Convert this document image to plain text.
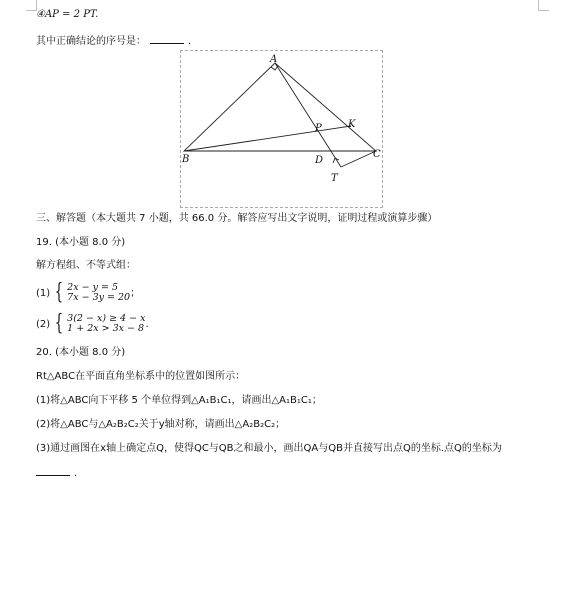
④AP = 2 PT.
其中正确结论的序号是：	.
A
B	C
D
P	K
T
三、解答题（本大题共 7 小题，共 66.0 分。解答应写出文字说明，证明过程或演算步骤）
19. (本小题 8.0 分)
解方程组、不等式组：
(1) { 2x − y = 5
7x − 3y = 20 ；
(2) { 3(2 − x) ≥ 4 − x
1 + 2x > 3x − 8 .
20. (本小题 8.0 分)
Rt△ABC在平面直角坐标系中的位置如图所示：
(1)将△ABC向下平移 5 个单位得到△A₁B₁C₁，请画出△A₁B₁C₁；
(2)将△ABC与△A₂B₂C₂关于y轴对称，请画出△A₂B₂C₂；
(3)通过画图在x轴上确定点Q，使得QC与QB之和最小，画出QA与QB并直接写出点Q的坐标.点Q的坐标为
.
